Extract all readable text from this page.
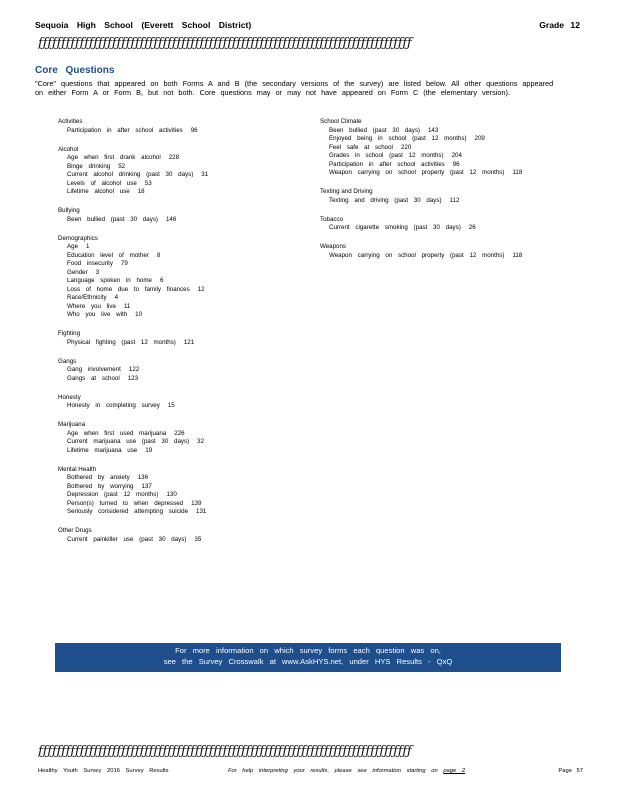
Sequoia High School (Everett School District)	Grade 12
ƒƒƒƒƒƒƒƒƒƒƒƒƒƒƒƒƒƒƒƒƒƒƒƒƒƒƒƒƒƒƒƒƒƒƒƒƒƒƒƒƒƒƒƒƒƒƒƒƒƒƒƒƒƒƒƒƒƒƒƒƒƒƒƒƒƒƒƒƒƒƒƒƒƒƒƒƒƒƒƒƒ
Core Questions
"Core" questions that appeared on both Forms A and B (the secondary versions of the survey) are listed below. All other questions appeared on either Form A or Form B, but not both. Core questions may or may not have appeared on Form C (the elementary version).
Activities
Participation in after school activities 96
Alcohol
Age when first drank alcohol 228
Binge drinking 52
Current alcohol drinking (past 30 days) 31
Levels of alcohol use 53
Lifetime alcohol use 18
Bullying
Been bullied (past 30 days) 146
Demographics
Age 1
Education level of mother 8
Food insecurity 79
Gender 3
Language spoken in home 6
Loss of home due to family finances 12
Race/Ethnicity 4
Where you live 11
Who you live with 10
Fighting
Physical fighting (past 12 months) 121
Gangs
Gang involvement 122
Gangs at school 123
Honesty
Honesty in completing survey 15
Marijuana
Age when first used marijuana 226
Current marijuana use (past 30 days) 32
Lifetime marijuana use 19
Mental Health
Bothered by anxiety 136
Bothered by worrying 137
Depression (past 12 months) 130
Person(s) turned to when depressed 139
Seriously considered attempting suicide 131
Other Drugs
Current painkiller use (past 30 days) 35
School Climate
Been bullied (past 30 days) 143
Enjoyed being in school (past 12 months) 209
Feel safe at school 220
Grades in school (past 12 months) 204
Participation in after school activities 96
Weapon carrying on school property (past 12 months) 118
Texting and Driving
Texting and driving (past 30 days) 112
Tobacco
Current cigarette smoking (past 30 days) 26
Weapons
Weapon carrying on school property (past 12 months) 118
For more information on which survey forms each question was on,
see the Survey Crosswalk at www.AskHYS.net, under HYS Results - QxQ
ƒƒƒƒƒƒƒƒƒƒƒƒƒƒƒƒƒƒƒƒƒƒƒƒƒƒƒƒƒƒƒƒƒƒƒƒƒƒƒƒƒƒƒƒƒƒƒƒƒƒƒƒƒƒƒƒƒƒƒƒƒƒƒƒƒƒƒƒƒƒƒƒƒƒƒƒƒƒƒƒƒ
Healthy Youth Survey 2016 Survey Results	For help interpreting your results, please see information starting on page 2	Page 57
